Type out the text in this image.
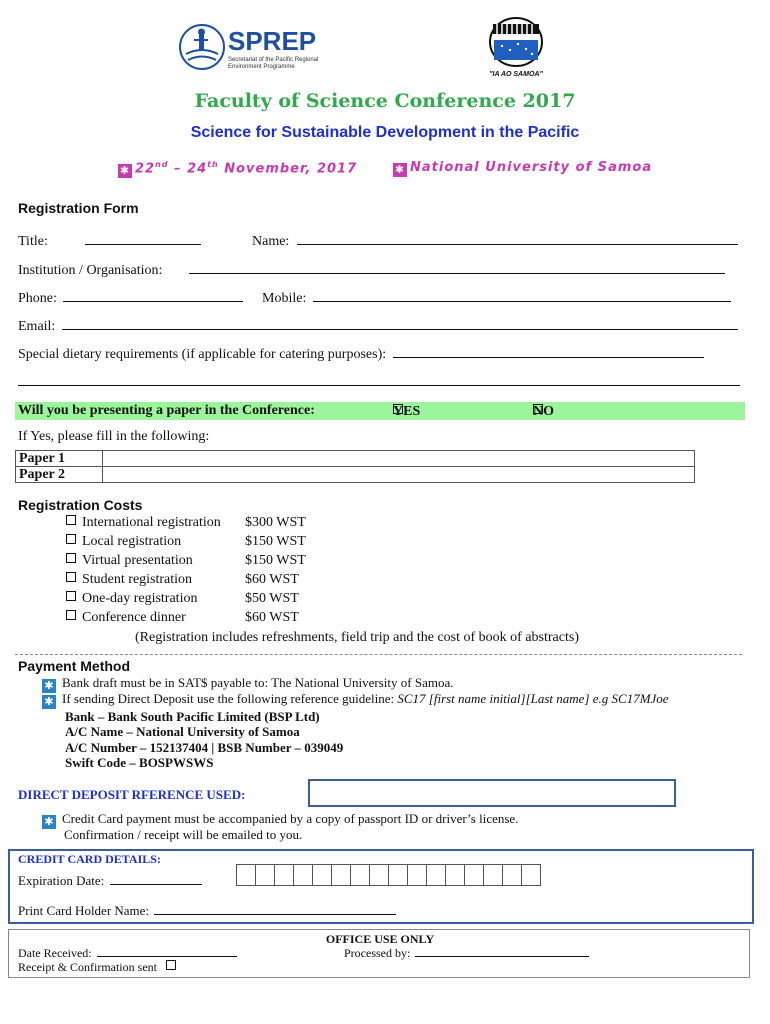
SPREP
Secretariat of the Pacific Regional
Environment Programme
"IA AO SAMOA"
Faculty of Science Conference 2017
Science for Sustainable Development in the Pacific
✱ 22nd – 24th November, 2017	✱ National University of Samoa
Registration Form
Title:	Name:
Institution / Organisation:
Phone:	Mobile:
Email:
Special dietary requirements (if applicable for catering purposes):
Will you be presenting a paper in the Conference:	YES	NO
If Yes, please fill in the following:
Paper 1	
Paper 2	
Registration Costs
International registration $300 WST
Local registration	$150 WST
Virtual presentation	$150 WST
Student registration	$60 WST
One-day registration	$50 WST
Conference dinner	$60 WST
(Registration includes refreshments, field trip and the cost of book of abstracts)
Payment Method
✱ Bank draft must be in SAT$ payable to: The National University of Samoa.
✱ If sending Direct Deposit use the following reference guideline: SC17 [first name initial][Last name] e.g SC17MJoe
Bank – Bank South Pacific Limited (BSP Ltd)
A/C Name – National University of Samoa
A/C Number – 152137404 | BSB Number – 039049
Swift Code – BOSPWSWS
DIRECT DEPOSIT RFERENCE USED:
✱ Credit Card payment must be accompanied by a copy of passport ID or driver’s license.
Confirmation / receipt will be emailed to you.
CREDIT CARD DETAILS:
Expiration Date:
Print Card Holder Name:
OFFICE USE ONLY
Date Received:	Processed by:
Receipt & Confirmation sent
